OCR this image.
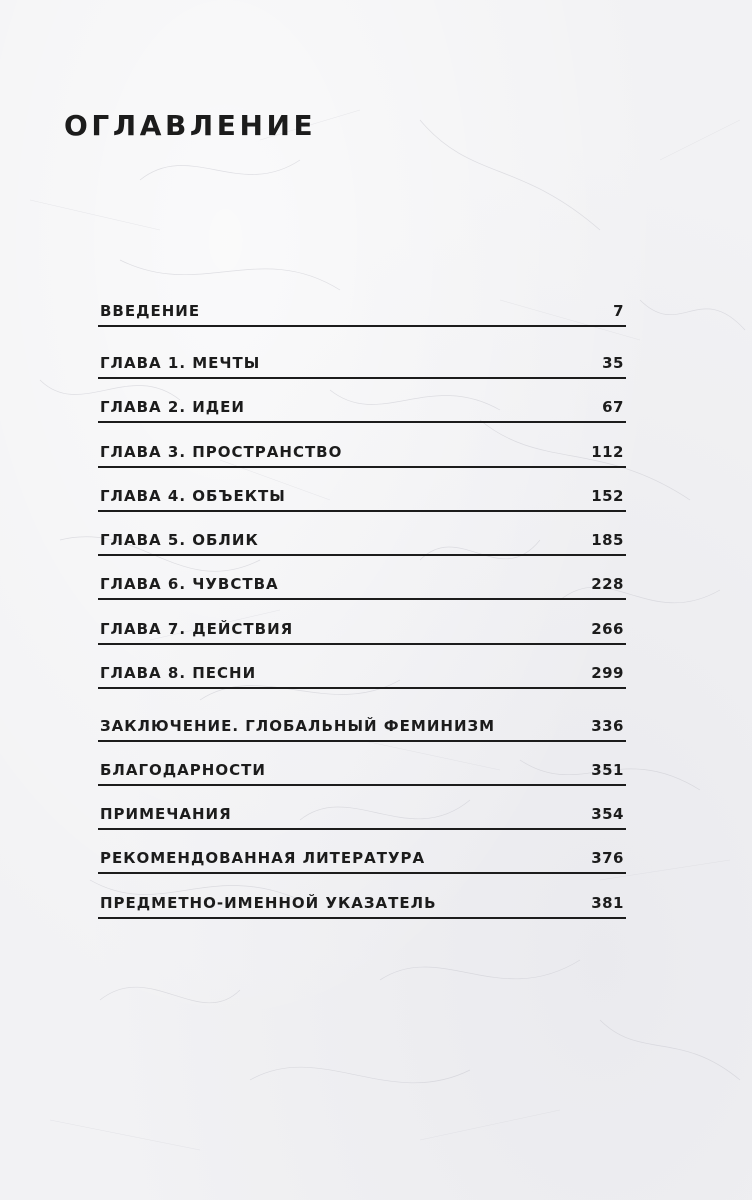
ОГЛАВЛЕНИЕ
ВВЕДЕНИЕ	7
ГЛАВА 1. МЕЧТЫ	35
ГЛАВА 2. ИДЕИ	67
ГЛАВА 3. ПРОСТРАНСТВО	112
ГЛАВА 4. ОБЪЕКТЫ	152
ГЛАВА 5. ОБЛИК	185
ГЛАВА 6. ЧУВСТВА	228
ГЛАВА 7. ДЕЙСТВИЯ	266
ГЛАВА 8. ПЕСНИ	299
ЗАКЛЮЧЕНИЕ. ГЛОБАЛЬНЫЙ ФЕМИНИЗМ	336
БЛАГОДАРНОСТИ	351
ПРИМЕЧАНИЯ	354
РЕКОМЕНДОВАННАЯ ЛИТЕРАТУРА	376
ПРЕДМЕТНО-ИМЕННОЙ УКАЗАТЕЛЬ	381
